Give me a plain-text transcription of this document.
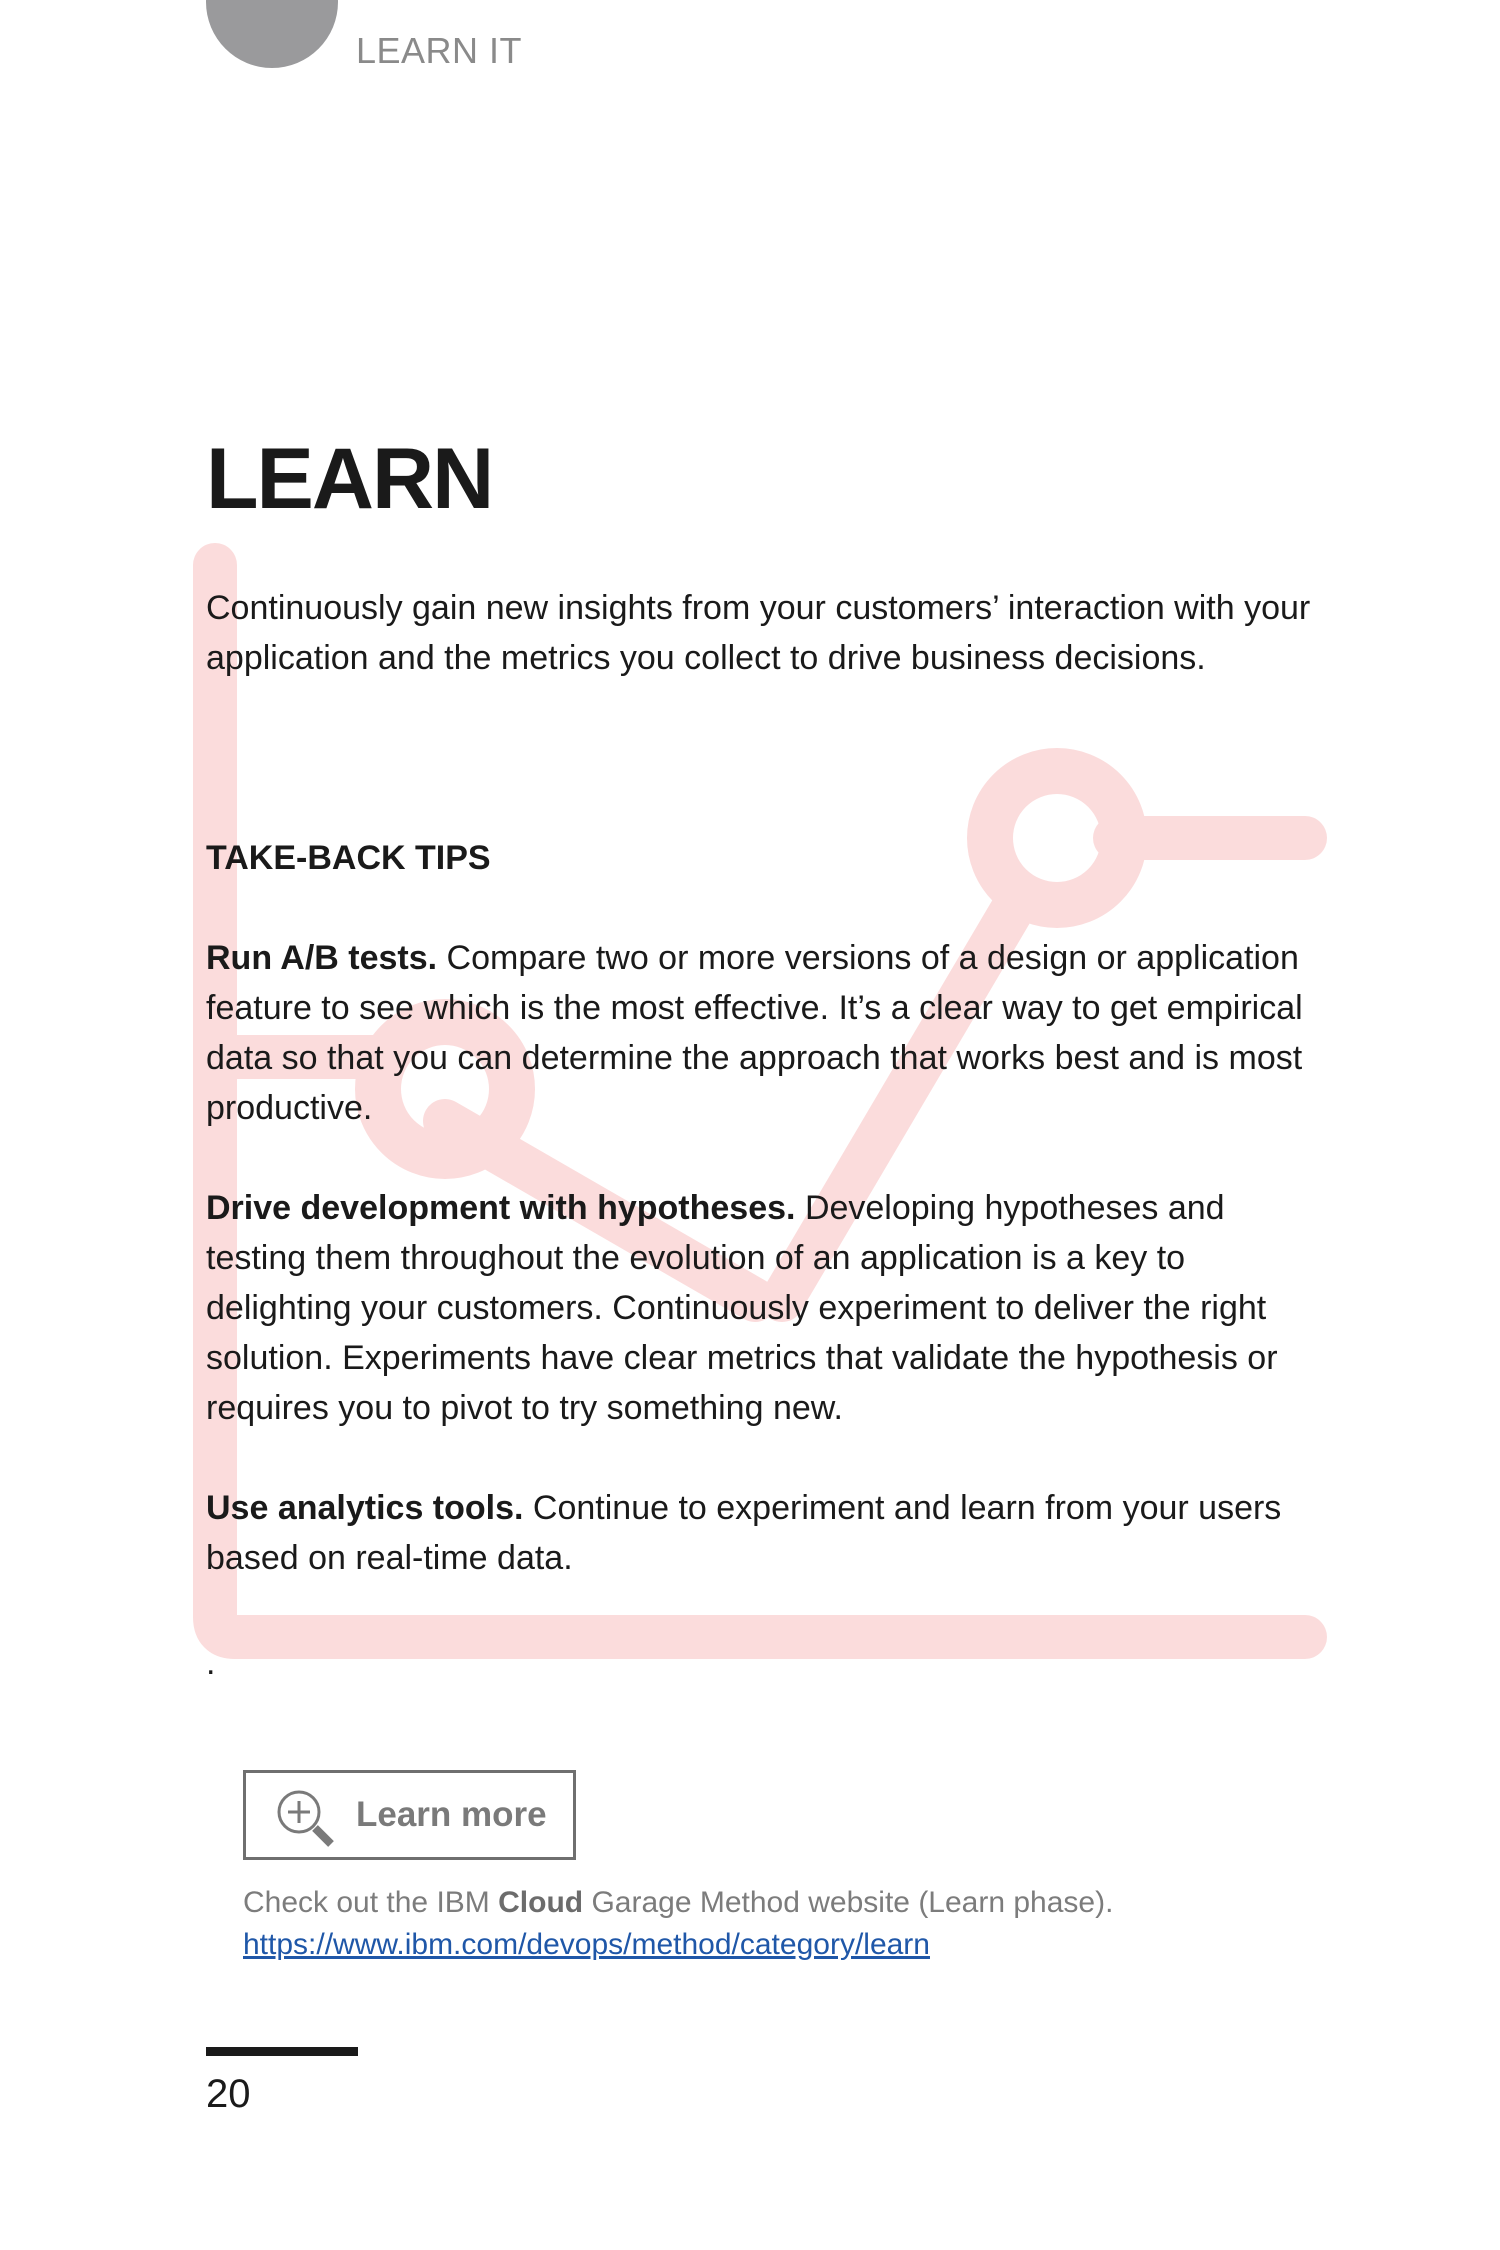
LEARN IT
LEARN

Continuously gain new insights from your customers’ interaction with your application and the metrics you collect to drive business decisions.

TAKE-BACK TIPS

Run A/B tests. Compare two or more versions of a design or application feature to see which is the most effective. It’s a clear way to get empirical data so that you can determine the approach that works best and is most productive.

Drive development with hypotheses. Developing hypotheses and testing them throughout the evolution of an application is a key to delighting your customers. Continuously experiment to deliver the right solution. Experiments have clear metrics that validate the hypothesis or requires you to pivot to try something new.

Use analytics tools. Continue to experiment and learn from your users based on real-time data.

.
Learn more

Check out the IBM Cloud Garage Method website (Learn phase).

https://www.ibm.com/devops/method/category/learn
20
